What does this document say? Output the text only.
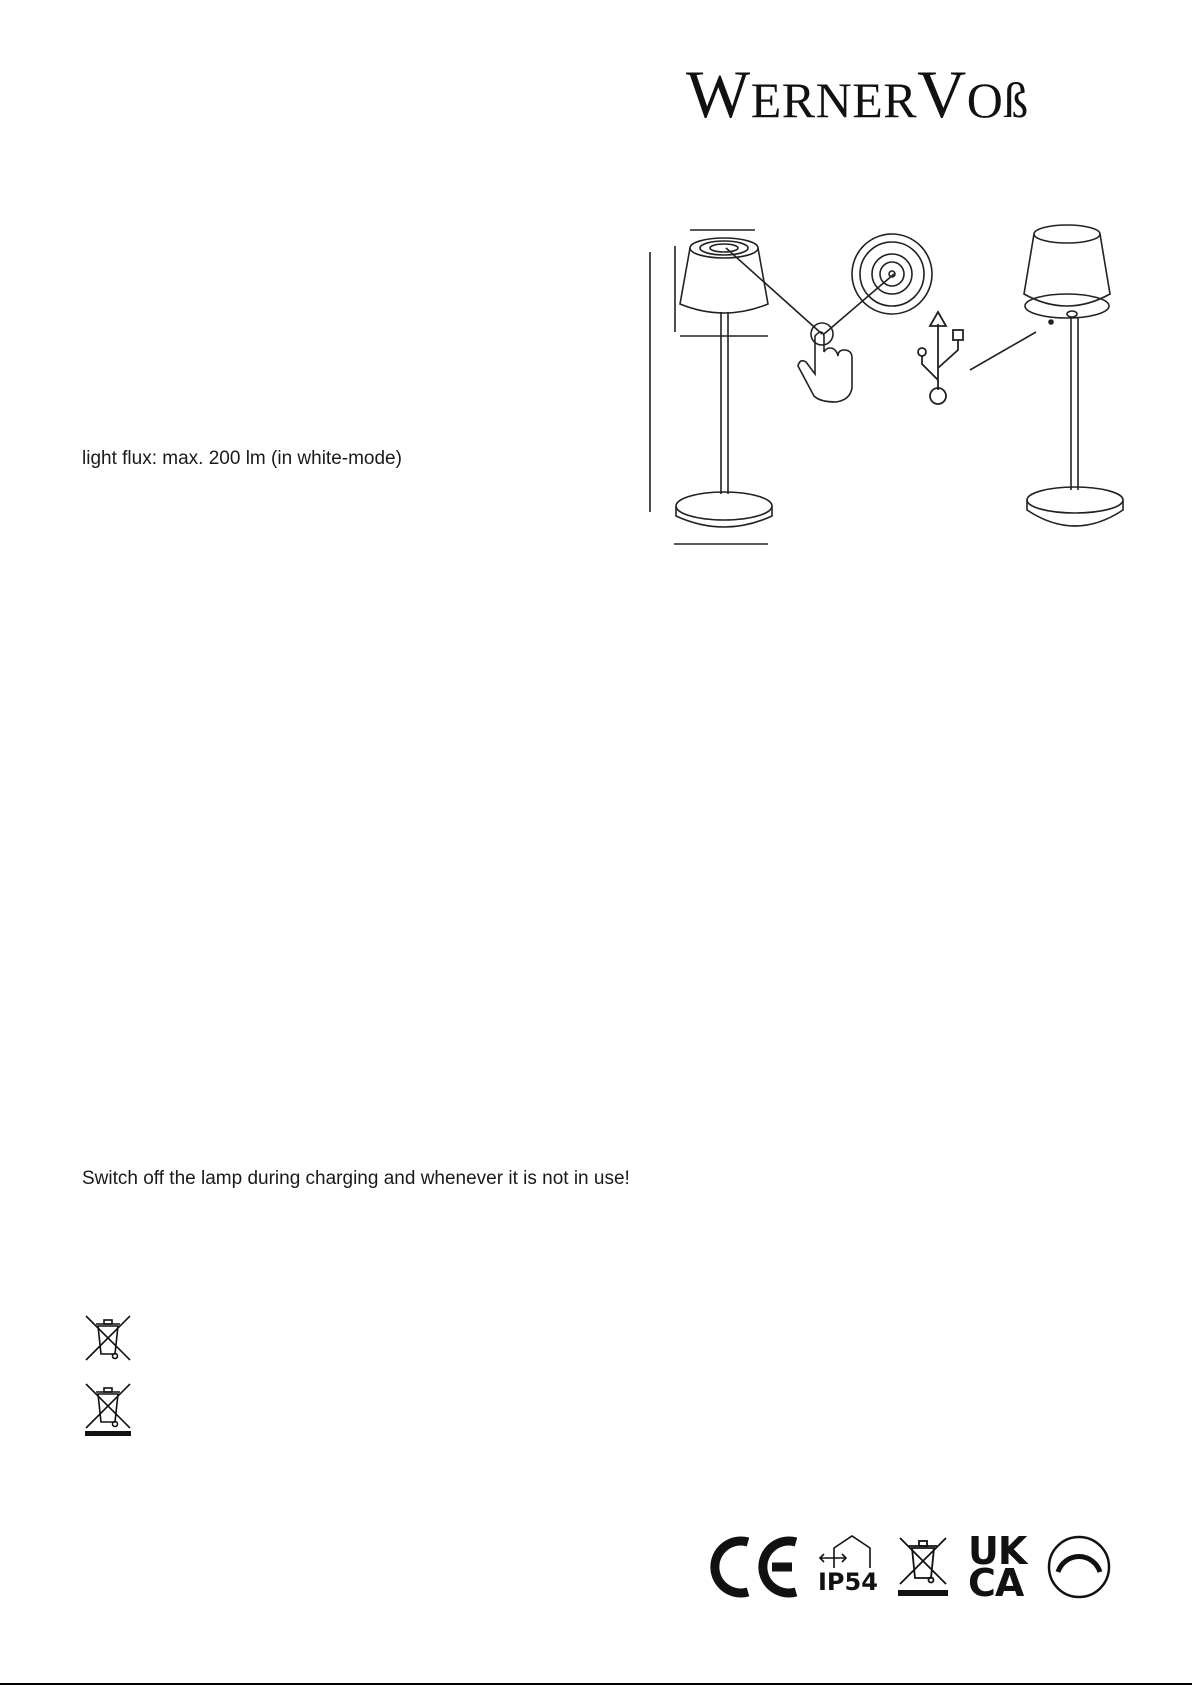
WERNERVOß
light flux: max. 200 lm (in white-mode)
Switch off the lamp during charging and whenever it is not in use!
IP54
UK
CA
